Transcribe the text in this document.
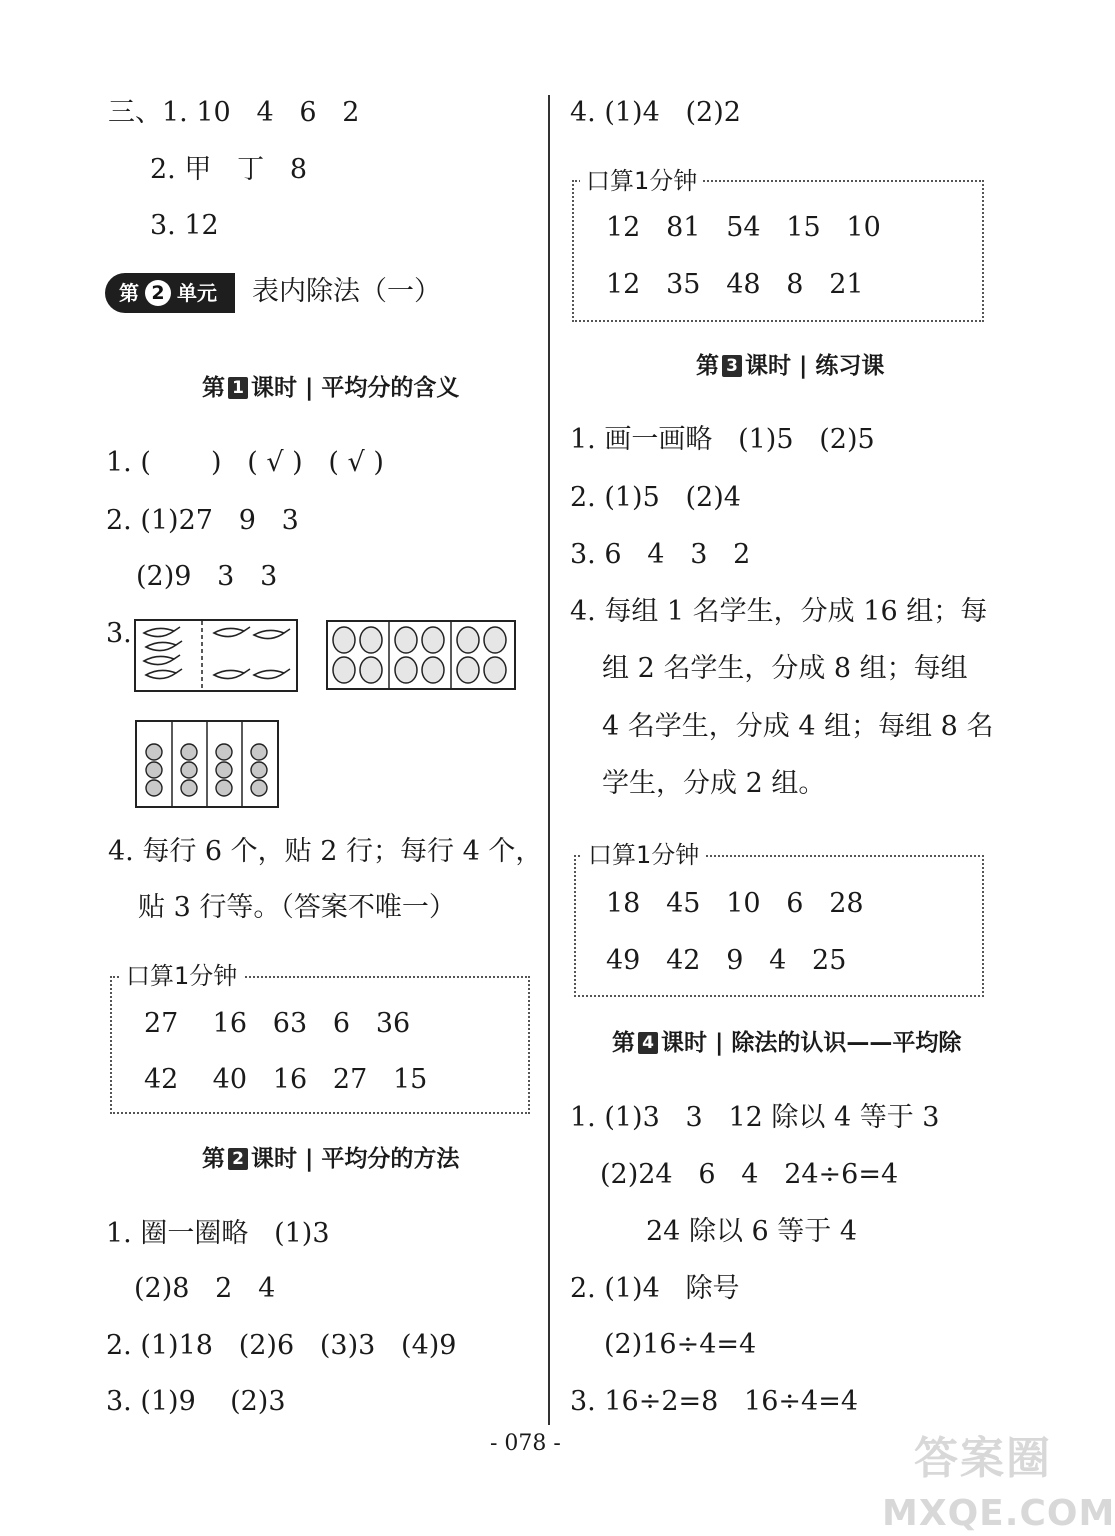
三、1. 10   4   6   2
2. 甲   丁   8
3. 12
第 2 单元 表内除法（一）
第 1 课时 | 平均分的含义
1. (       )   ( √ )   ( √ )
2. (1)27   9   3
(2)9   3   3
3.
4. 每行 6 个，贴 2 行；每行 4 个，
贴 3 行等。（答案不唯一）
口算1分钟
27    16   63   6   36
42    40   16   27   15
第 2 课时 | 平均分的方法
1. 圈一圈略   (1)3
(2)8   2   4
2. (1)18   (2)6   (3)3   (4)9
3. (1)9    (2)3
4. (1)4   (2)2
口算1分钟
12   81   54   15   10
12   35   48   8   21
第 3 课时 | 练习课
1. 画一画略   (1)5   (2)5
2. (1)5   (2)4
3. 6   4   3   2
4. 每组 1 名学生，分成 16 组；每
组 2 名学生，分成 8 组；每组
4 名学生，分成 4 组；每组 8 名
学生，分成 2 组。
口算1分钟
18   45   10   6   28
49   42   9   4   25
第 4 课时 | 除法的认识——平均除
1. (1)3   3   12 除以 4 等于 3
(2)24   6   4   24÷6=4
24 除以 6 等于 4
2. (1)4   除号
(2)16÷4=4
3. 16÷2=8   16÷4=4
- 078 -	答案圈
MXQE.COM
